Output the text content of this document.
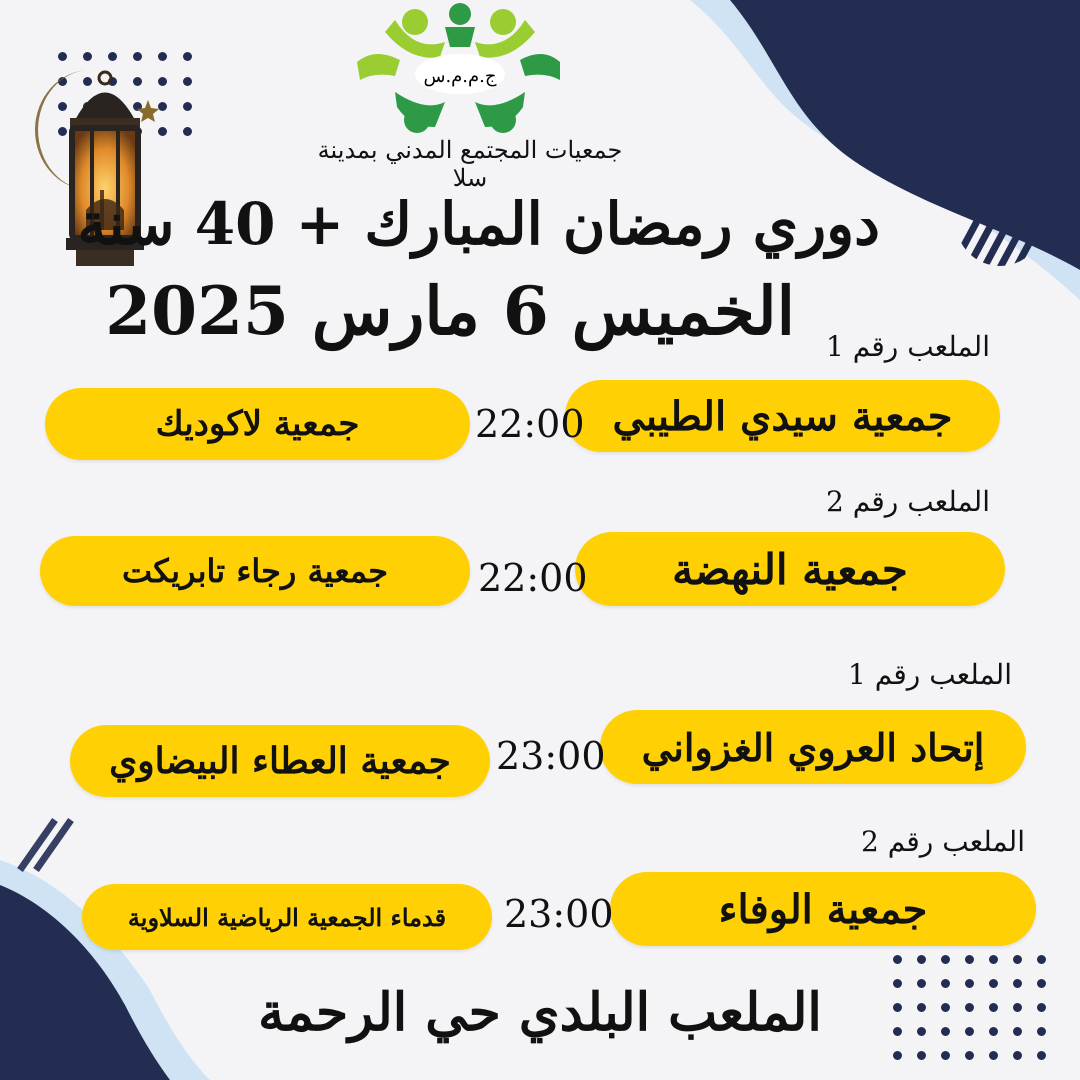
ج.م.م.س
جمعيات المجتمع المدني بمدينة سلا
دوري رمضان المبارك + 40 سنة
الخميس 6 مارس 2025	الملعب رقم 1
جمعية سيدي الطيبي
22:00
جمعية لاكوديك
الملعب رقم 2
جمعية النهضة
22:00
جمعية رجاء تابريكت
الملعب رقم 1
إتحاد العروي الغزواني
23:00
جمعية العطاء البيضاوي
الملعب رقم 2
جمعية الوفاء
23:00
قدماء الجمعية الرياضية السلاوية
الملعب البلدي حي الرحمة
